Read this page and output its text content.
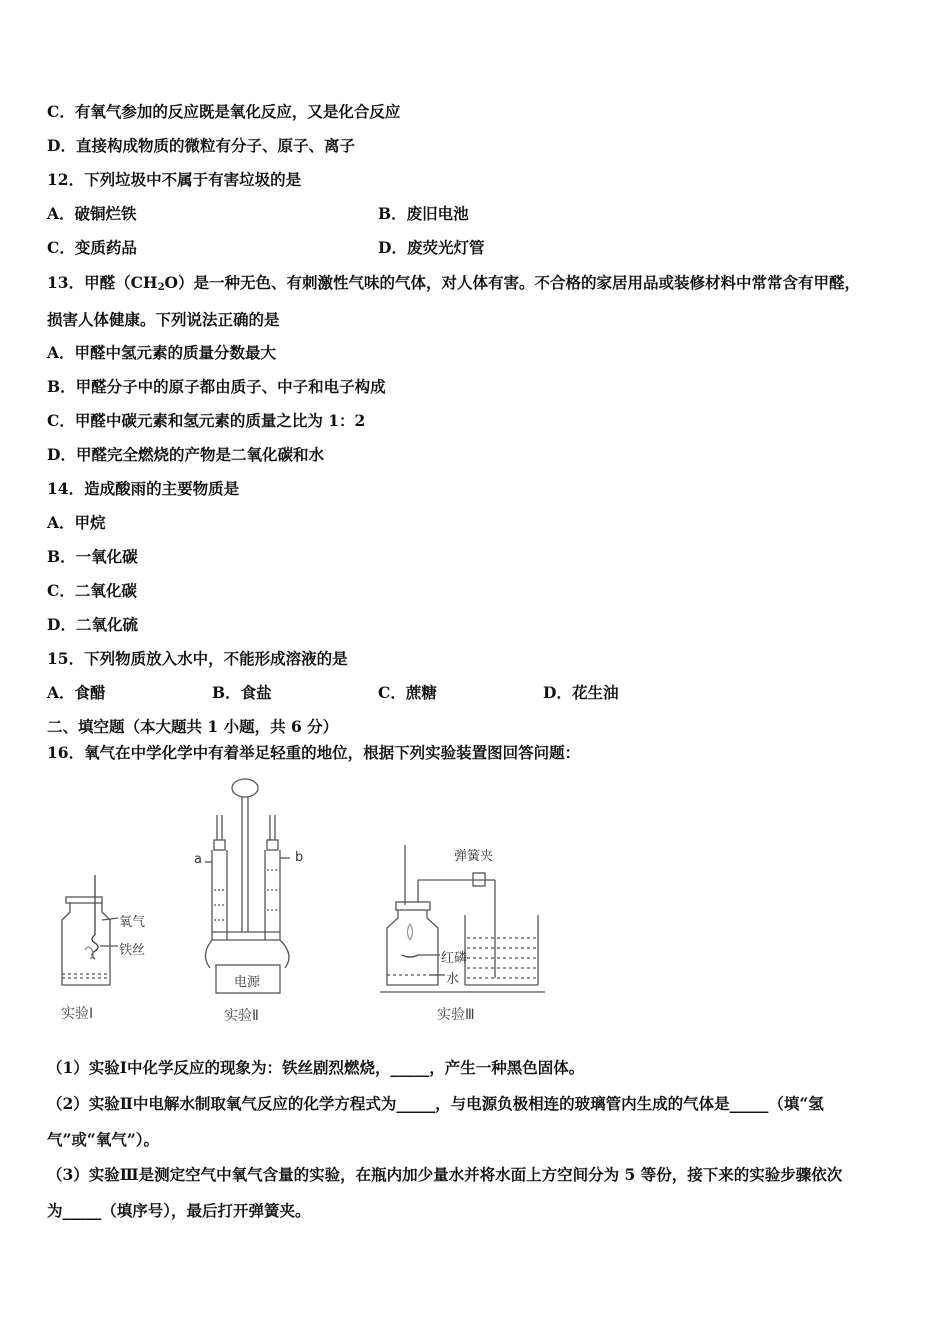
C．有氧气参加的反应既是氧化反应，又是化合反应
D．直接构成物质的微粒有分子、原子、离子
12．下列垃圾中不属于有害垃圾的是
A．破铜烂铁	B．废旧电池
C．变质药品	D．废荧光灯管
13．甲醛$(CH_2O)$是一种无色、有刺激性气味的气体，对人体有害。不合格的家居用品或装修材料中常常含有甲醛，
损害人体健康。下列说法正确的是
A．甲醛中氢元素的质量分数最大
B．甲醛分子中的原子都由质子、中子和电子构成
C．甲醛中碳元素和氢元素的质量之比为 1：2
D．甲醛完全燃烧的产物是二氧化碳和水
14．造成酸雨的主要物质是
A．甲烷
B．一氧化碳
C．二氧化碳
D．二氧化硫
15．下列物质放入水中，不能形成溶液的是
A．食醋	B．食盐	C．蔗糖	D．花生油
二、填空题（本大题共 1 小题，共 6 分）
16．氧气在中学化学中有着举足轻重的地位，根据下列实验装置图回答问题：
氧气
铁丝
实验Ⅰ
a	b
电源
实验Ⅱ
弹簧夹
红磷
水
实验Ⅲ
（1）实验Ⅰ中化学反应的现象为：铁丝剧烈燃烧，_____，产生一种黑色固体。
（2）实验Ⅱ中电解水制取氧气反应的化学方程式为_____，与电源负极相连的玻璃管内生成的气体是_____（填“氢
气”或“氧气”）。
（3）实验Ⅲ是测定空气中氧气含量的实验，在瓶内加少量水并将水面上方空间分为 5 等份，接下来的实验步骤依次
为_____（填序号），最后打开弹簧夹。
